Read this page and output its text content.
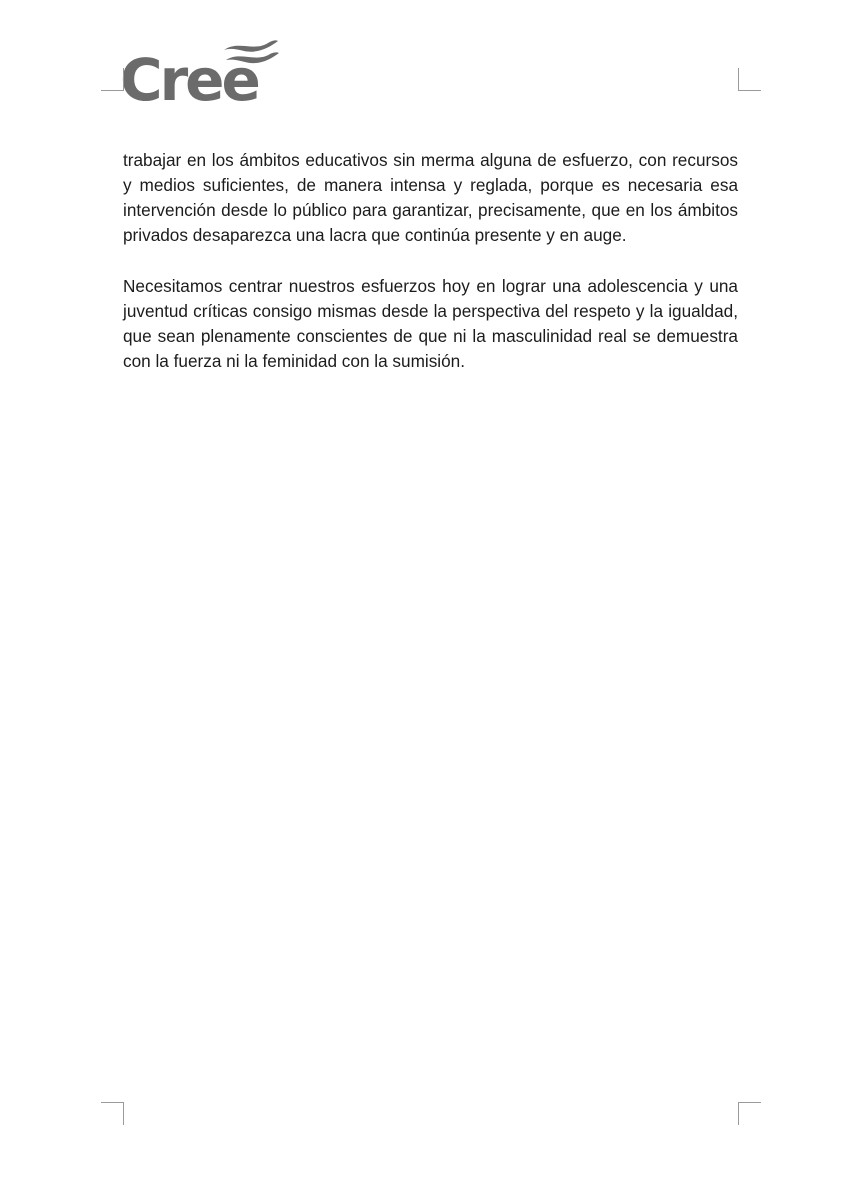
Cree

trabajar en los ámbitos educativos sin merma alguna de esfuerzo, con recursos y medios suficientes, de manera intensa y reglada, porque es necesaria esa intervención desde lo público para garantizar, precisamente, que en los ámbitos privados desaparezca una lacra que continúa presente y en auge.

Necesitamos centrar nuestros esfuerzos hoy en lograr una adolescencia y una juventud críticas consigo mismas desde la perspectiva del respeto y la igualdad, que sean plenamente conscientes de que ni la masculinidad real se demuestra con la fuerza ni la feminidad con la sumisión.
